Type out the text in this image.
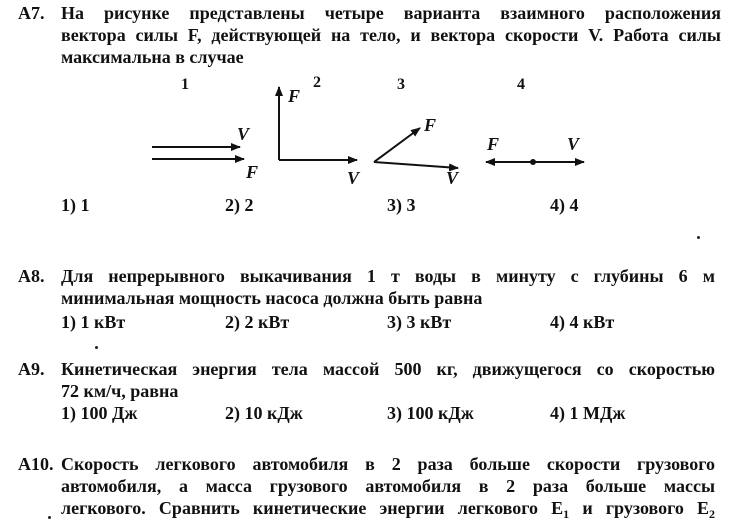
A7. На рисунке представлены четыре варианта взаимного расположения
вектора силы F, действующей на тело, и вектора скорости V. Работа силы
максимальна в случае
1	2	3	4
V
F
F
V
F
V
F	V
1) 1	2) 2	3) 3	4) 4
A8. Для непрерывного выкачивания 1 т воды в минуту с глубины 6 м
минимальная мощность насоса должна быть равна
1) 1 кВт	2) 2 кВт	3) 3 кВт	4) 4 кВт
A9. Кинетическая энергия тела массой 500 кг, движущегося со скоростью
72 км/ч, равна
1) 100 Дж	2) 10 кДж	3) 100 кДж	4) 1 МДж
A10. Скорость легкового автомобиля в 2 раза больше скорости грузового
автомобиля, а масса грузового автомобиля в 2 раза больше массы
легкового. Сравнить кинетические энергии легкового $E_1$ и грузового $E_2$
